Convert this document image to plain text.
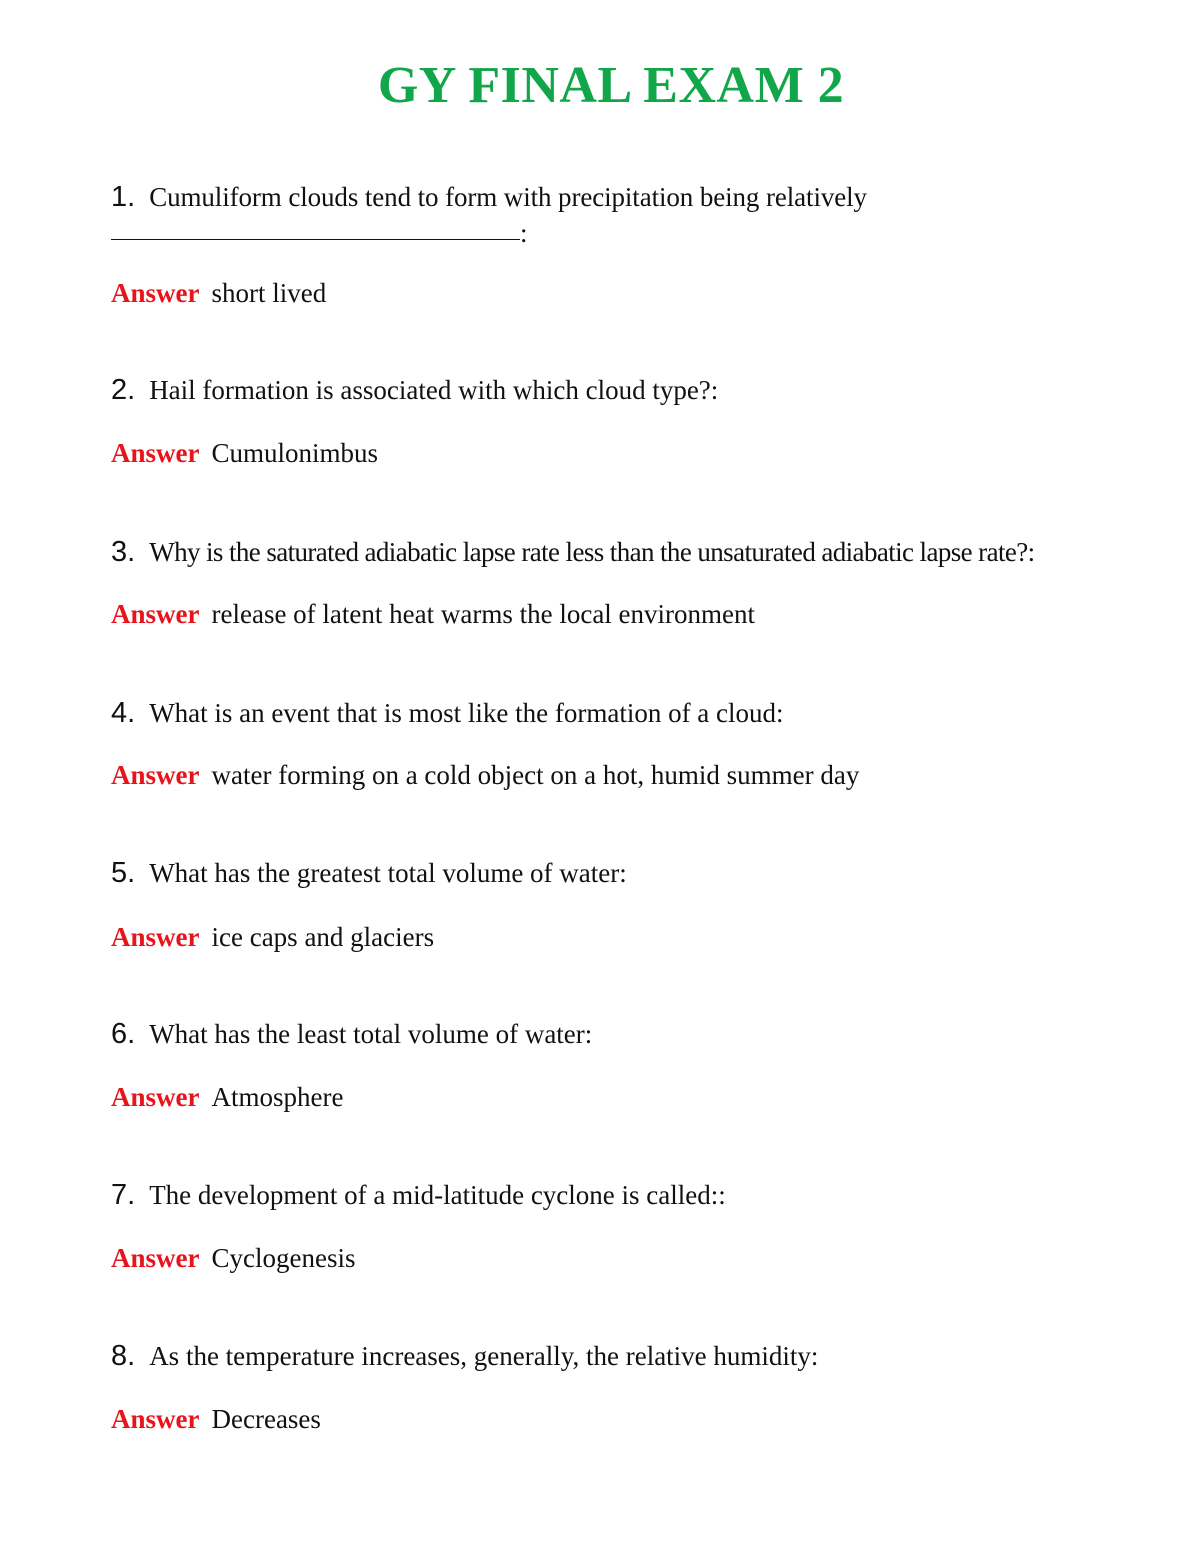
GY FINAL EXAM 2
1. Cumuliform clouds tend to form with precipitation being relatively
:
Answer short lived
2. Hail formation is associated with which cloud type?:
Answer Cumulonimbus
3. Why is the saturated adiabatic lapse rate less than the unsaturated adiabatic lapse rate?:
Answer release of latent heat warms the local environment
4. What is an event that is most like the formation of a cloud:
Answer water forming on a cold object on a hot, humid summer day
5. What has the greatest total volume of water:
Answer ice caps and glaciers
6. What has the least total volume of water:
Answer Atmosphere
7. The development of a mid-latitude cyclone is called::
Answer Cyclogenesis
8. As the temperature increases, generally, the relative humidity:
Answer Decreases
